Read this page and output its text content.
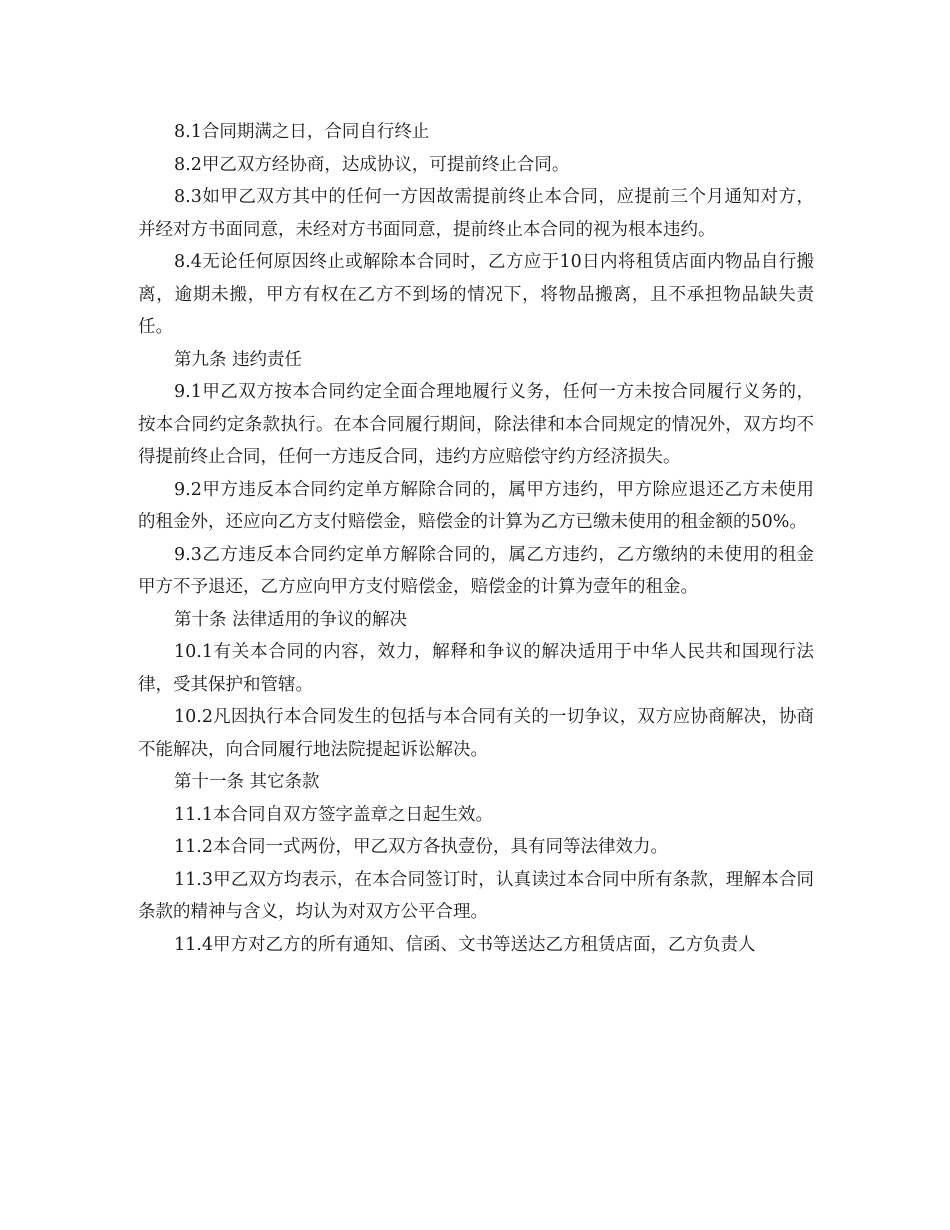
8.1合同期满之日，合同自行终止

8.2甲乙双方经协商，达成协议，可提前终止合同。

8.3如甲乙双方其中的任何一方因故需提前终止本合同，应提前三个月通知对方，并经对方书面同意，未经对方书面同意，提前终止本合同的视为根本违约。

8.4无论任何原因终止或解除本合同时，乙方应于10日内将租赁店面内物品自行搬离，逾期未搬，甲方有权在乙方不到场的情况下，将物品搬离，且不承担物品缺失责任。

第九条 违约责任

9.1甲乙双方按本合同约定全面合理地履行义务，任何一方未按合同履行义务的，按本合同约定条款执行。在本合同履行期间，除法律和本合同规定的情况外，双方均不得提前终止合同，任何一方违反合同，违约方应赔偿守约方经济损失。

9.2甲方违反本合同约定单方解除合同的，属甲方违约，甲方除应退还乙方未使用的租金外，还应向乙方支付赔偿金，赔偿金的计算为乙方已缴未使用的租金额的50%。

9.3乙方违反本合同约定单方解除合同的，属乙方违约，乙方缴纳的未使用的租金甲方不予退还，乙方应向甲方支付赔偿金，赔偿金的计算为壹年的租金。

第十条 法律适用的争议的解决

10.1有关本合同的内容，效力，解释和争议的解决适用于中华人民共和国现行法律，受其保护和管辖。

10.2凡因执行本合同发生的包括与本合同有关的一切争议，双方应协商解决，协商不能解决，向合同履行地法院提起诉讼解决。

第十一条 其它条款

11.1本合同自双方签字盖章之日起生效。

11.2本合同一式两份，甲乙双方各执壹份，具有同等法律效力。

11.3甲乙双方均表示，在本合同签订时，认真读过本合同中所有条款，理解本合同条款的精神与含义，均认为对双方公平合理。

11.4甲方对乙方的所有通知、信函、文书等送达乙方租赁店面，乙方负责人
